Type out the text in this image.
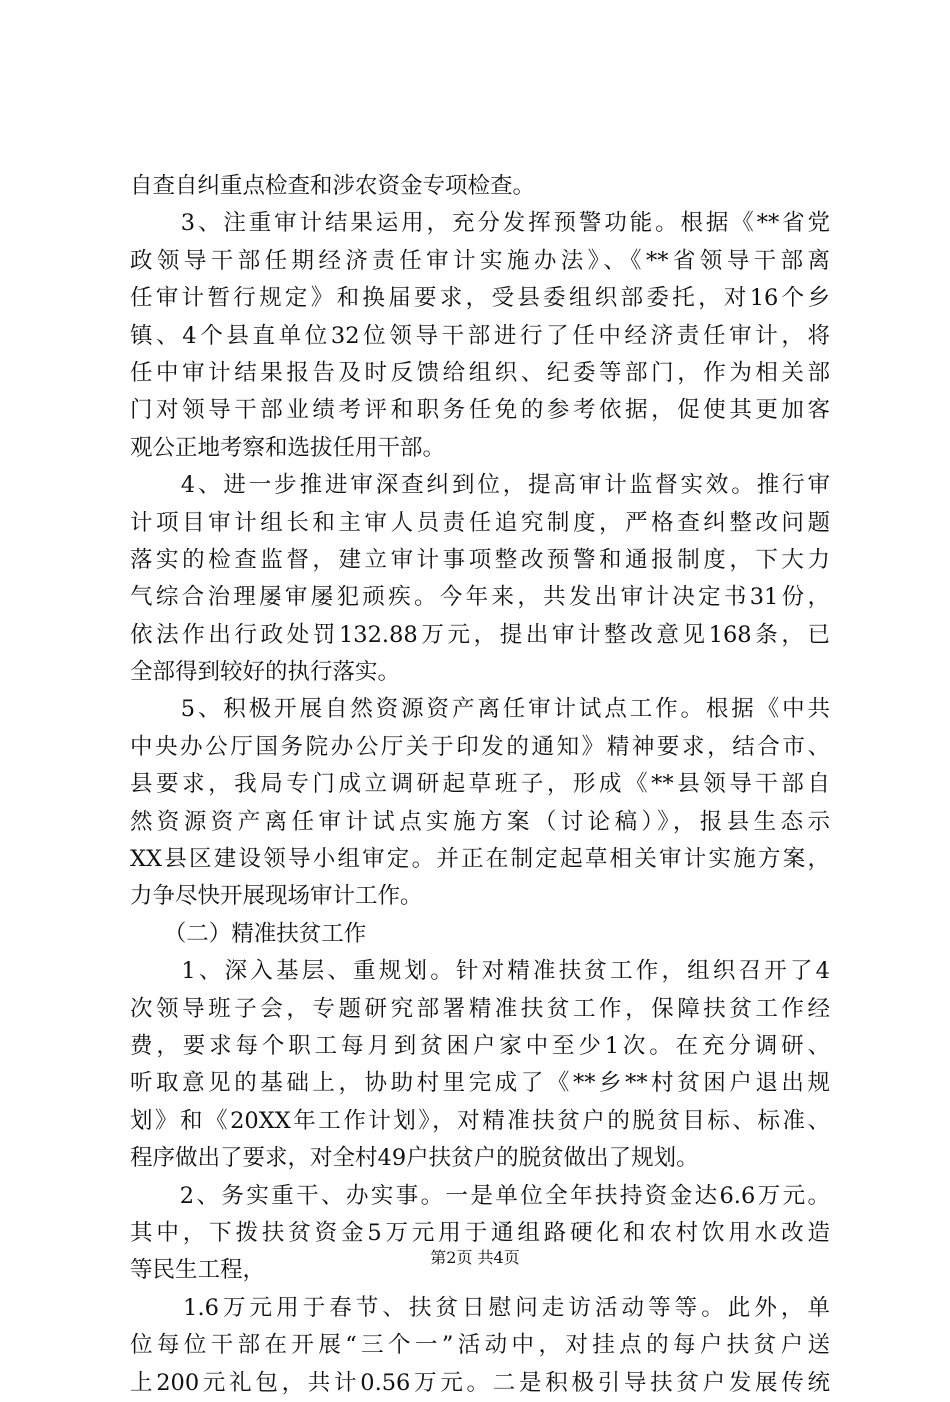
自查自纠重点检查和涉农资金专项检查。
　　3、注重审计结果运用，充分发挥预警功能。根据《**省党
政领导干部任期经济责任审计实施办法》、《**省领导干部离
任审计暂行规定》和换届要求，受县委组织部委托，对16个乡
镇、4个县直单位32位领导干部进行了任中经济责任审计，将
任中审计结果报告及时反馈给组织、纪委等部门，作为相关部
门对领导干部业绩考评和职务任免的参考依据，促使其更加客
观公正地考察和选拔任用干部。
　　4、进一步推进审深查纠到位，提高审计监督实效。推行审
计项目审计组长和主审人员责任追究制度，严格查纠整改问题
落实的检查监督，建立审计事项整改预警和通报制度，下大力
气综合治理屡审屡犯顽疾。今年来，共发出审计决定书31份，
依法作出行政处罚132.88万元，提出审计整改意见168条，已
全部得到较好的执行落实。
　　5、积极开展自然资源资产离任审计试点工作。根据《中共
中央办公厅国务院办公厅关于印发的通知》精神要求，结合市、
县要求，我局专门成立调研起草班子，形成《**县领导干部自
然资源资产离任审计试点实施方案（讨论稿）》，报县生态示
XX县区建设领导小组审定。并正在制定起草相关审计实施方案，
力争尽快开展现场审计工作。
　　（二）精准扶贫工作
　　1、深入基层、重规划。针对精准扶贫工作，组织召开了4
次领导班子会，专题研究部署精准扶贫工作，保障扶贫工作经
费，要求每个职工每月到贫困户家中至少1次。在充分调研、
听取意见的基础上，协助村里完成了《**乡**村贫困户退出规
划》和《20XX年工作计划》，对精准扶贫户的脱贫目标、标准、
程序做出了要求，对全村49户扶贫户的脱贫做出了规划。
　　2、务实重干、办实事。一是单位全年扶持资金达6.6万元。
其中，下拨扶贫资金5万元用于通组路硬化和农村饮用水改造
等民生工程，
　　1.6万元用于春节、扶贫日慰问走访活动等等。此外，单
位每位干部在开展“三个一”活动中，对挂点的每户扶贫户送
上200元礼包，共计0.56万元。二是积极引导扶贫户发展传统
第2页 共4页
